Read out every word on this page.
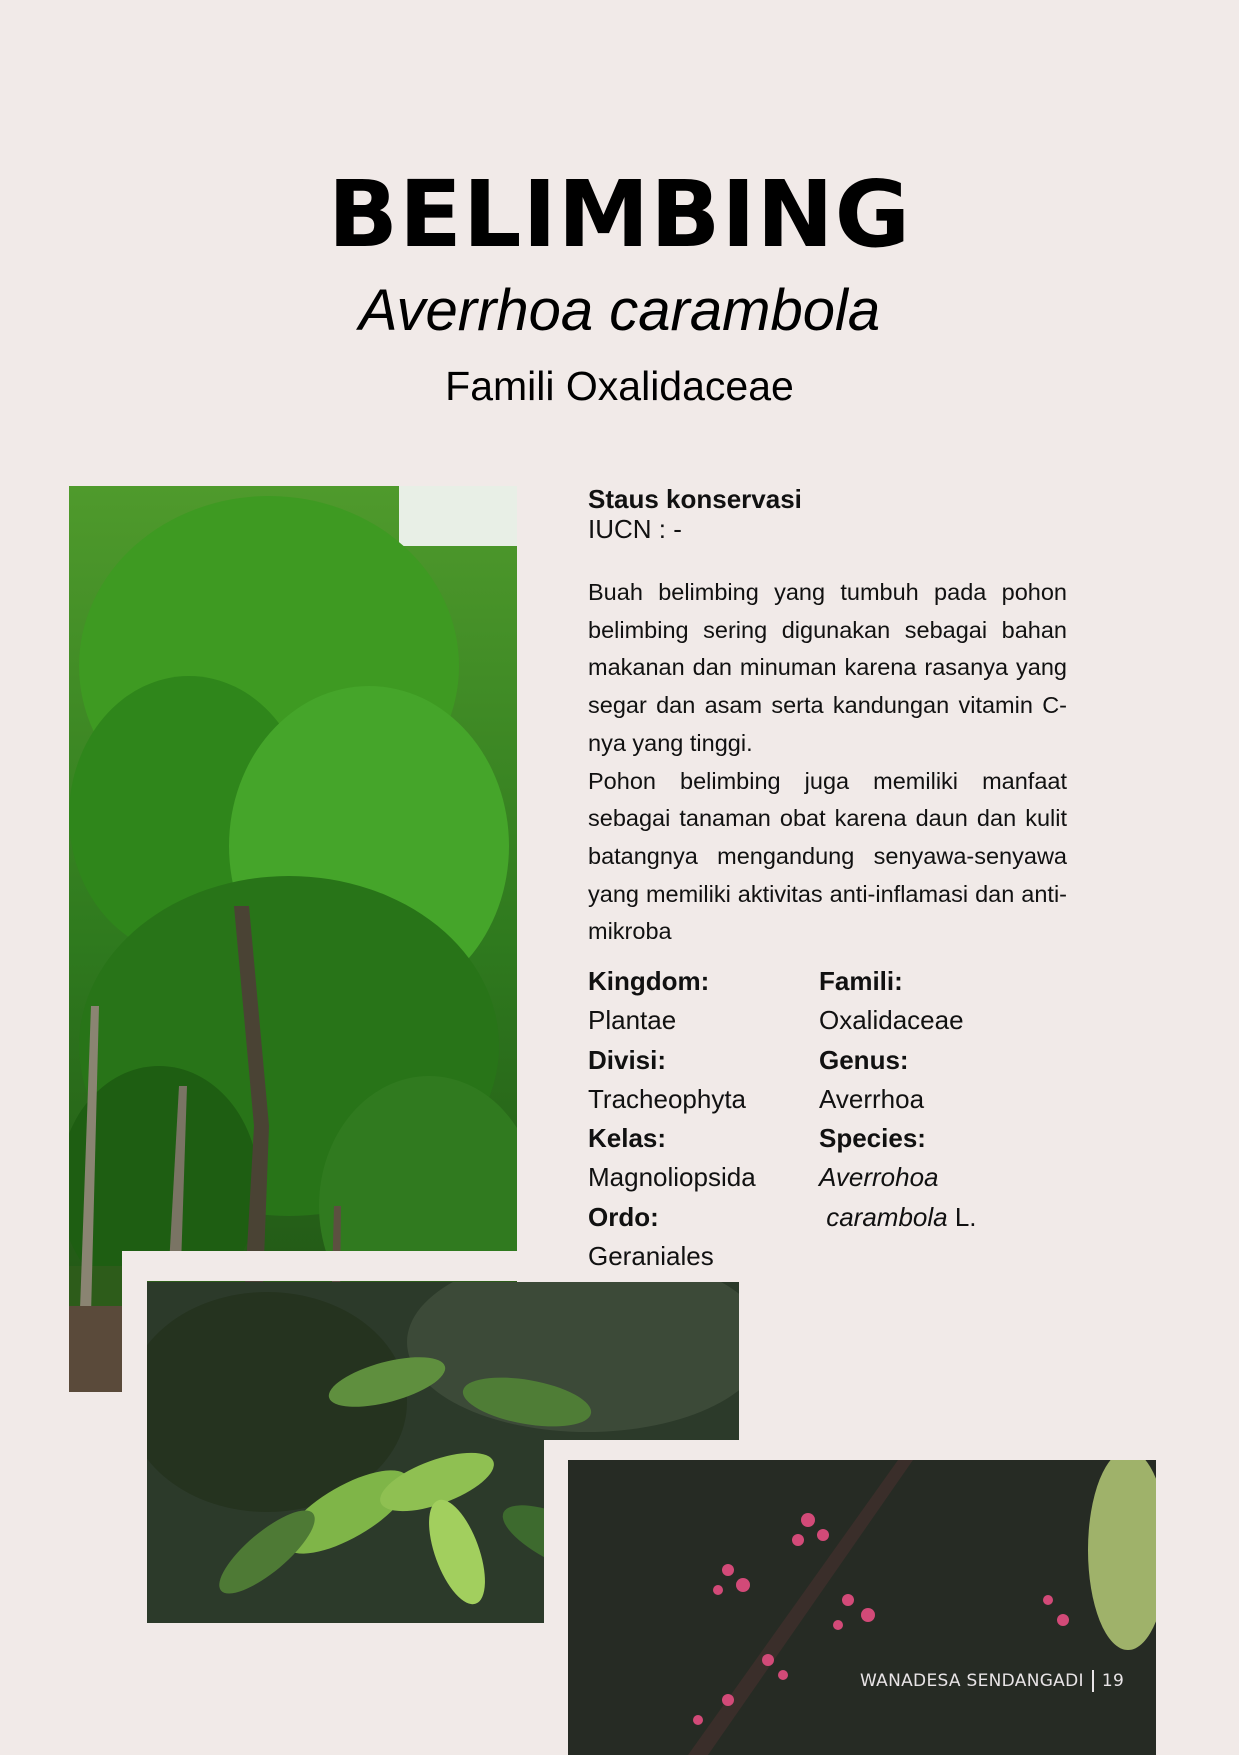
BELIMBING
Averrhoa carambola
Famili Oxalidaceae
Staus konservasi
IUCN : -

Buah belimbing yang tumbuh pada pohon belimbing sering digunakan sebagai bahan makanan dan minuman karena rasanya yang segar dan asam serta kandungan vitamin C-nya yang tinggi.

Pohon belimbing juga memiliki manfaat sebagai tanaman obat karena daun dan kulit batangnya mengandung senyawa-senyawa yang memiliki aktivitas anti-inflamasi dan anti-mikroba

Kingdom:
Plantae
Divisi:
Tracheophyta
Kelas:
Magnoliopsida
Ordo:
Geraniales
Famili:
Oxalidaceae
Genus:
Averrhoa
Species:
Averrohoa
carambola L.
WANADESA SENDANGADI 19
